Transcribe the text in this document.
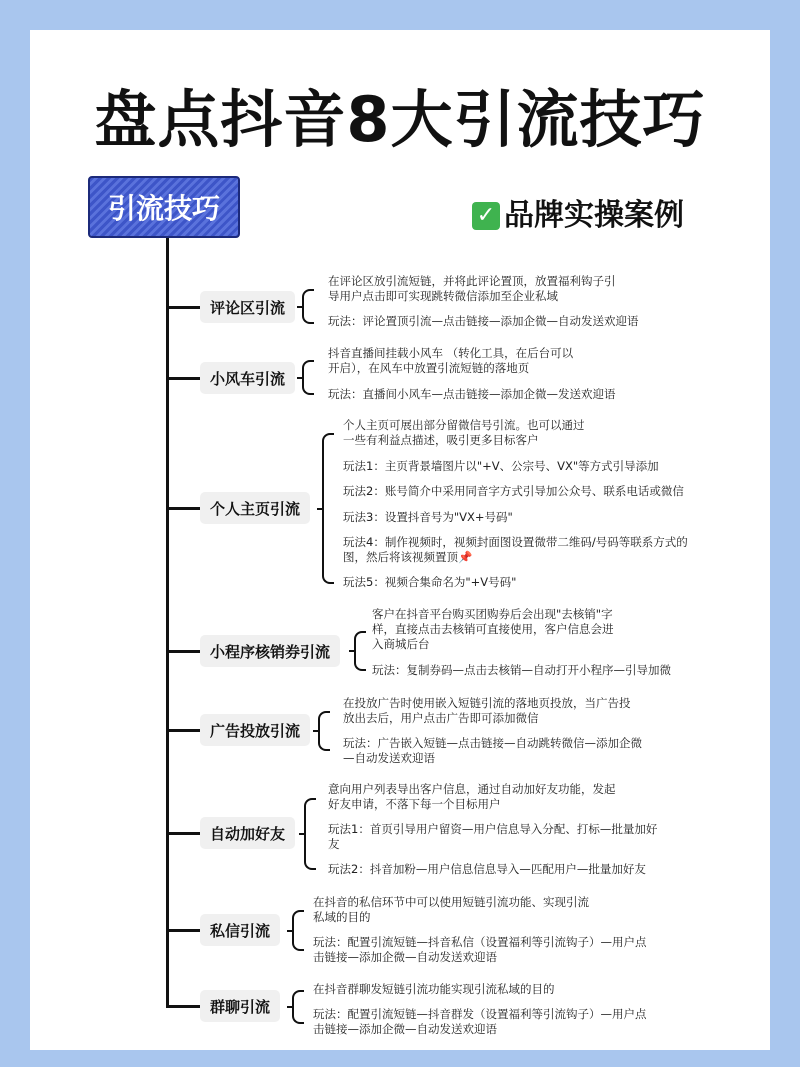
盘点抖音8大引流技巧
引流技巧	✓ 品牌实操案例
评论区引流
在评论区放引流短链，并将此评论置顶，放置福利钩子引
导用户点击即可实现跳转微信添加至企业私域
玩法：评论置顶引流—点击链接—添加企微—自动发送欢迎语
小风车引流
抖音直播间挂载小风车 （转化工具，在后台可以
开启），在风车中放置引流短链的落地页
玩法：直播间小风车—点击链接—添加企微—发送欢迎语
个人主页引流
个人主页可展出部分留微信号引流。也可以通过
一些有利益点描述，吸引更多目标客户
玩法1：主页背景墙图片以"+V、公宗号、VX"等方式引导添加
玩法2：账号简介中采用同音字方式引导加公众号、联系电话或微信
玩法3：设置抖音号为"VX+号码"
玩法4：制作视频时，视频封面图设置微带二维码/号码等联系方式的
图，然后将该视频置顶📌
玩法5：视频合集命名为"+V号码"
小程序核销券引流
客户在抖音平台购买团购券后会出现"去核销"字
样，直接点击去核销可直接使用，客户信息会进
入商城后台
玩法：复制券码—点击去核销—自动打开小程序—引导加微
广告投放引流
在投放广告时使用嵌入短链引流的落地页投放，当广告投
放出去后，用户点击广告即可添加微信
玩法：广告嵌入短链—点击链接—自动跳转微信—添加企微
—自动发送欢迎语
自动加好友
意向用户列表导出客户信息，通过自动加好友功能，发起
好友申请，不落下每一个目标用户
玩法1：首页引导用户留资—用户信息导入分配、打标—批量加好
友
玩法2：抖音加粉—用户信息信息导入—匹配用户—批量加好友
私信引流
在抖音的私信环节中可以使用短链引流功能、实现引流
私域的目的
玩法：配置引流短链—抖音私信（设置福利等引流钩子）—用户点
击链接—添加企微—自动发送欢迎语
群聊引流
在抖音群聊发短链引流功能实现引流私域的目的
玩法：配置引流短链—抖音群发（设置福利等引流钩子）—用户点
击链接—添加企微—自动发送欢迎语
